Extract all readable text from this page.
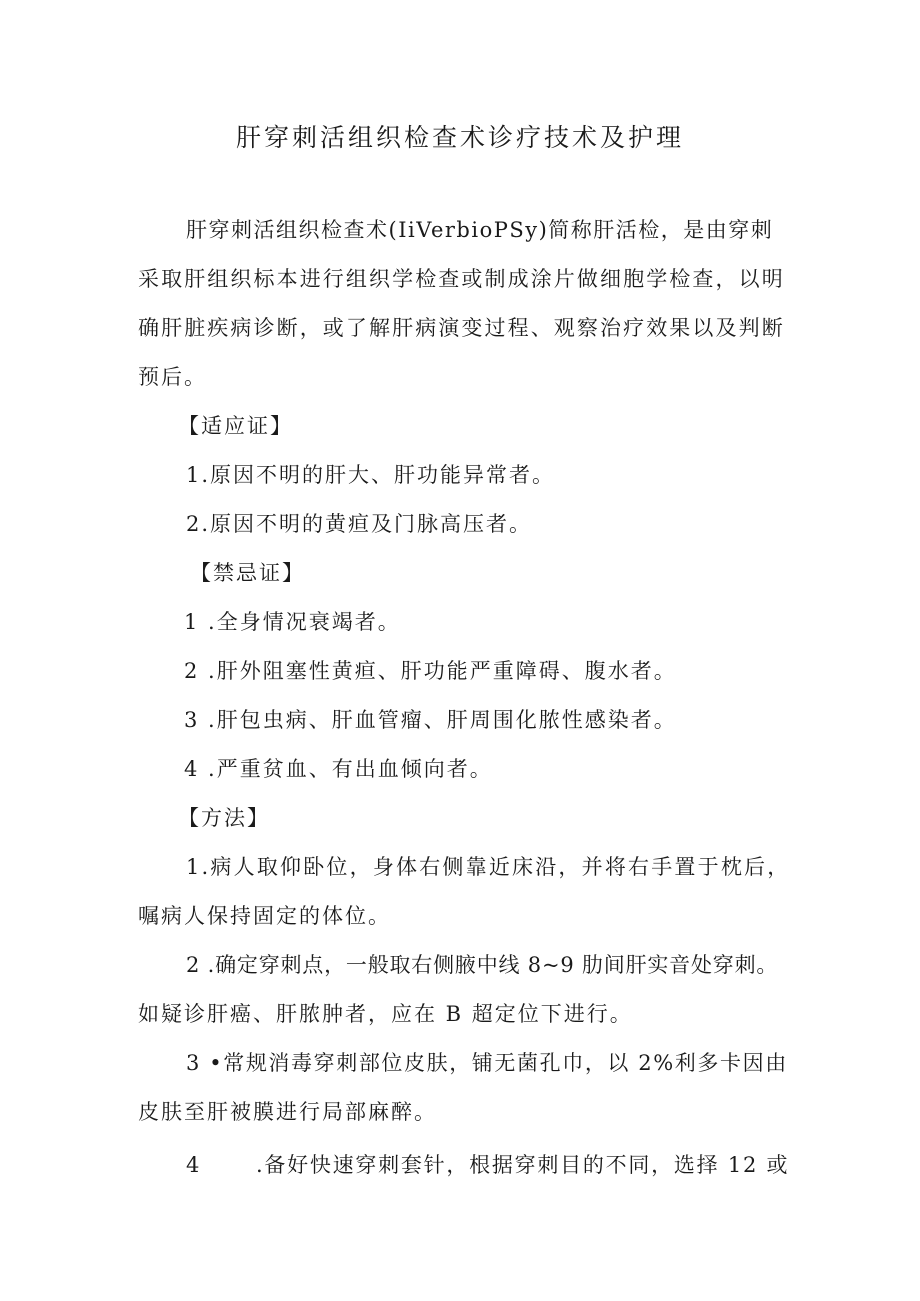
肝穿刺活组织检查术诊疗技术及护理
肝穿刺活组织检查术(IiVerbioPSy)简称肝活检，是由穿刺
采取肝组织标本进行组织学检查或制成涂片做细胞学检查，以明
确肝脏疾病诊断，或了解肝病演变过程、观察治疗效果以及判断
预后。
【适应证】
1.原因不明的肝大、肝功能异常者。
2.原因不明的黄疸及门脉高压者。
【禁忌证】
1 .全身情况衰竭者。
2 .肝外阻塞性黄疸、肝功能严重障碍、腹水者。
3 .肝包虫病、肝血管瘤、肝周围化脓性感染者。
4 .严重贫血、有出血倾向者。
【方法】
1.病人取仰卧位，身体右侧靠近床沿，并将右手置于枕后，
嘱病人保持固定的体位。
2 .确定穿刺点，一般取右侧腋中线 8~9 肋间肝实音处穿刺。
如疑诊肝癌、肝脓肿者，应在 B 超定位下进行。
3 •常规消毒穿刺部位皮肤，铺无菌孔巾，以 2%利多卡因由
皮肤至肝被膜进行局部麻醉。
4	.备好快速穿刺套针，根据穿刺目的不同，选择 12 或
